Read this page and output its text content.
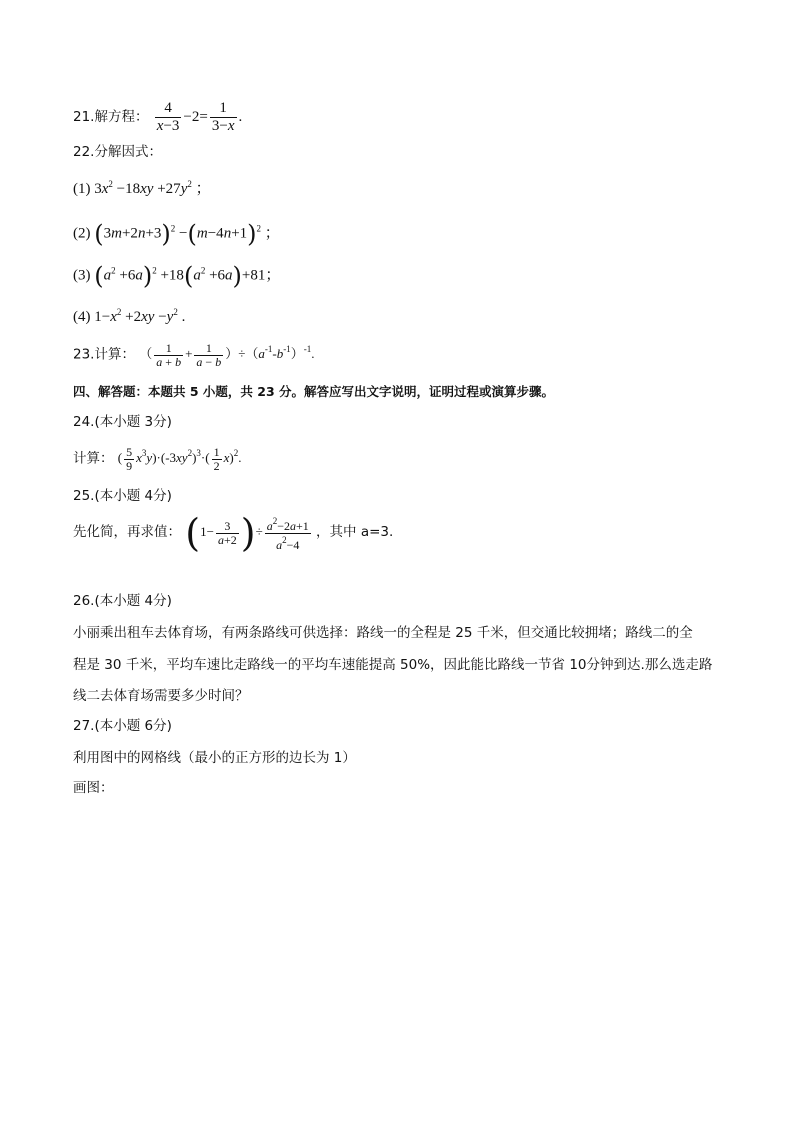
21.解方程： $\frac{4}{x-3} -2= \frac{1}{3-x}$ .
22.分解因式：
(1) $3x^2 -18xy +27y^2$ ；
(2) $(3m+2n+3)^2 -(m-4n+1)^2$ ；
(3) $(a^2 +6a)^2 +18(a^2 +6a)+81$；
(4) $1-x^2 +2xy -y^2$ .
23.计算： （ $\frac{1}{a + b} + \frac{1}{a - b} )\div(a^{-1}-b^{-1})^{-1}$.
四、解答题：本题共 5 小题，共 23 分。解答应写出文字说明，证明过程或演算步骤。
24.(本小题 3分)
计算： ( $\frac{5}{9} x^3y)\cdot(-3xy^2)^3\cdot( \frac{1}{2} x)^2$.
25.(本小题 4分)
先化简，再求值： ($1- \frac{3}{a+2}$ )÷ $\frac{a^2-2a+1}{a^2-4}$ ，其中 a=3.
26.(本小题 4分)
小丽乘出租车去体育场，有两条路线可供选择：路线一的全程是 25 千米，但交通比较拥堵；路线二的全
程是 30 千米，平均车速比走路线一的平均车速能提高 50%，因此能比路线一节省 10分钟到达.那么选走路
线二去体育场需要多少时间？
27.(本小题 6分)
利用图中的网格线（最小的正方形的边长为 1）
画图：
